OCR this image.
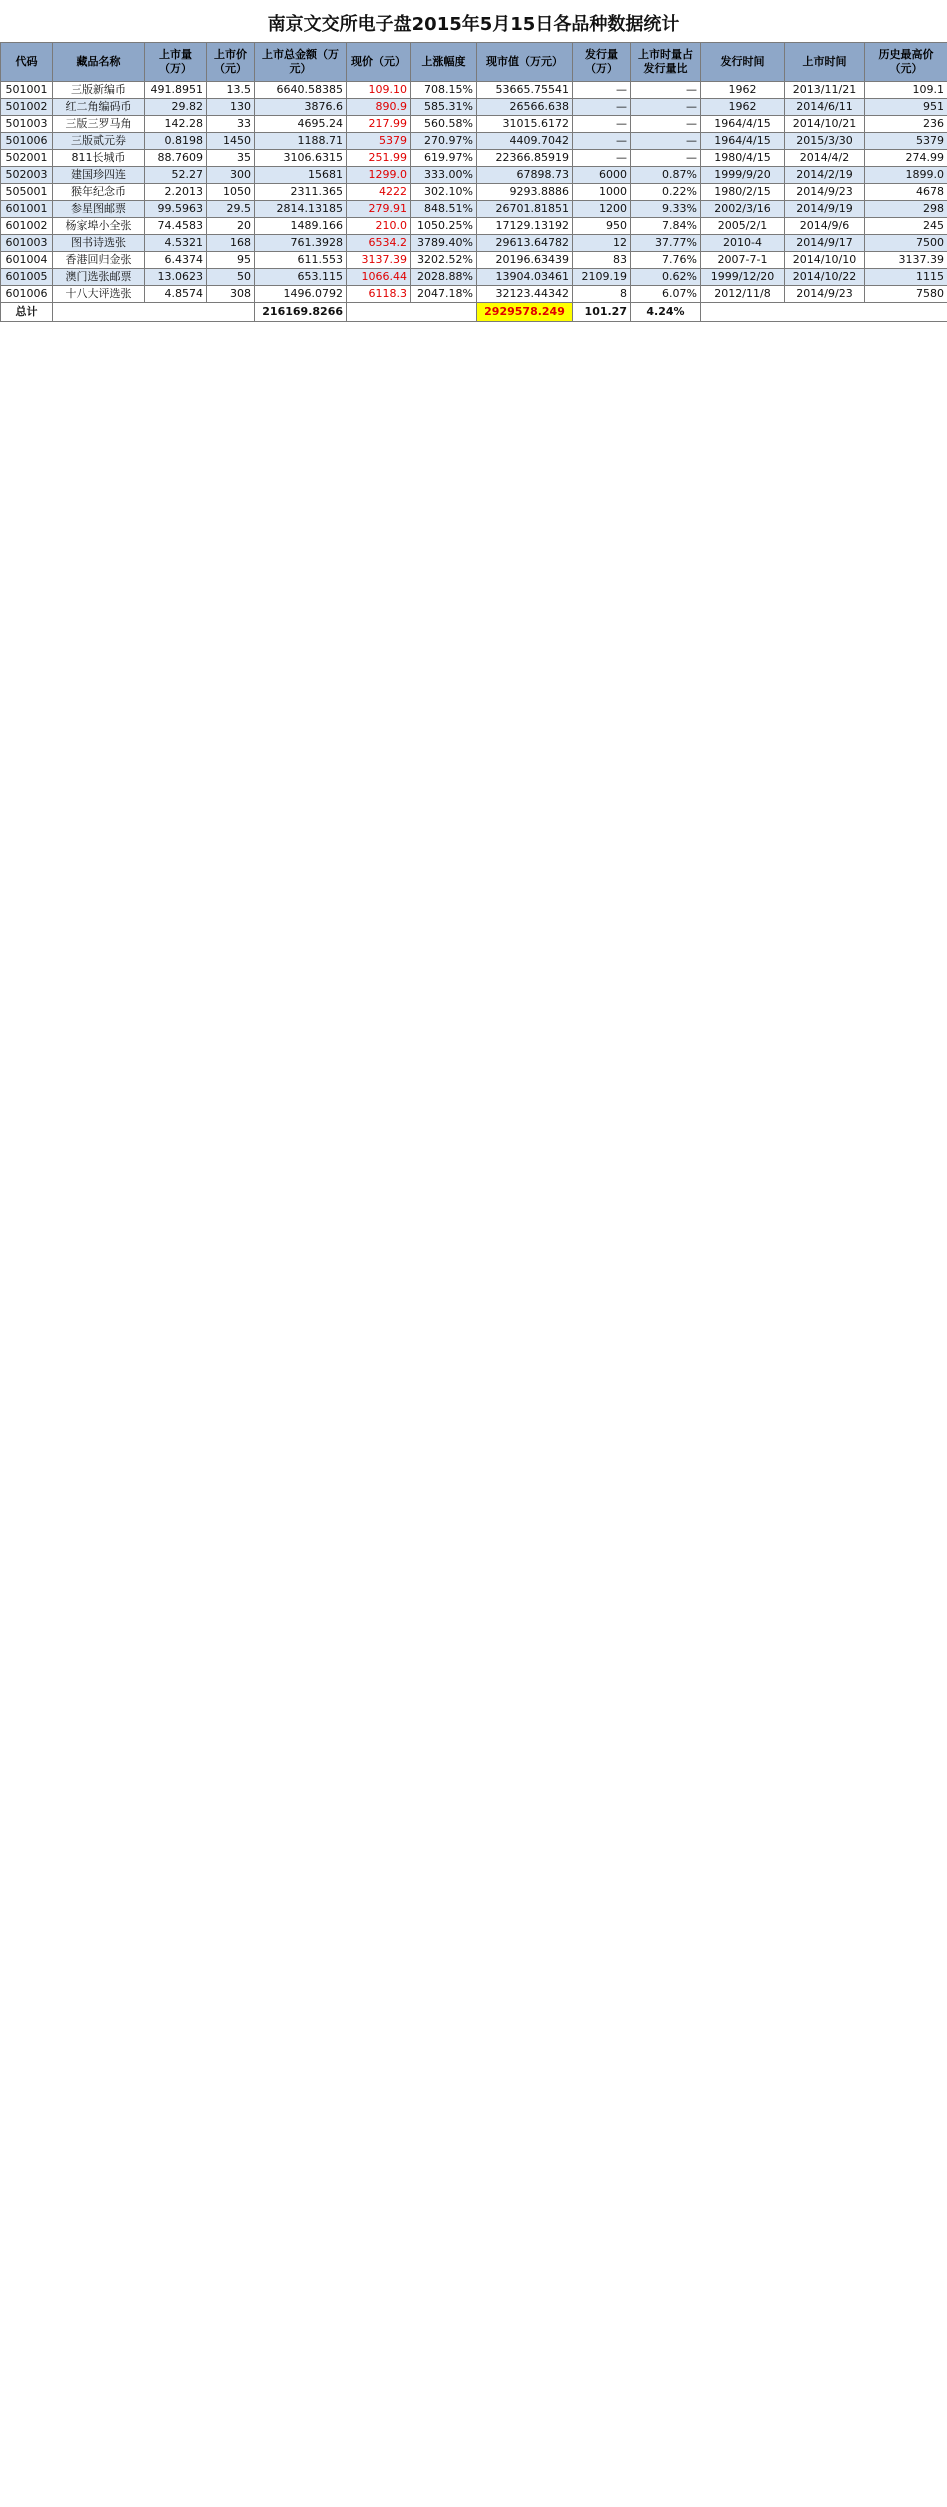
南京文交所电子盘2015年5月15日各品种数据统计
代码	藏品名称	上市量（万）	上市价（元）	上市总金额（万元）	现价（元）	上涨幅度	现市值（万元）	发行量（万）	上市时量占发行量比	发行时间	上市时间	历史最高价（元）
501001	三版新编币	491.8951	13.5	6640.58385	109.10	708.15%	53665.75541	—	—	1962	2013/11/21	109.1
501002	红二角编码币	29.82	130	3876.6	890.9	585.31%	26566.638	—	—	1962	2014/6/11	951
501003	三版三罗马角	142.28	33	4695.24	217.99	560.58%	31015.6172	—	—	1964/4/15	2014/10/21	236
501006	三版贰元券	0.8198	1450	1188.71	5379	270.97%	4409.7042	—	—	1964/4/15	2015/3/30	5379
502001	811长城币	88.7609	35	3106.6315	251.99	619.97%	22366.85919	—	—	1980/4/15	2014/4/2	274.99
502003	建国珍四连	52.27	300	15681	1299.0	333.00%	67898.73	6000	0.87%	1999/9/20	2014/2/19	1899.0
505001	猴年纪念币	2.2013	1050	2311.365	4222	302.10%	9293.8886	1000	0.22%	1980/2/15	2014/9/23	4678
601001	参星图邮票	99.5963	29.5	2814.13185	279.91	848.51%	26701.81851	1200	9.33%	2002/3/16	2014/9/19	298
601002	杨家埠小全张	74.4583	20	1489.166	210.0	1050.25%	17129.13192	950	7.84%	2005/2/1	2014/9/6	245
601003	图书诗选张	4.5321	168	761.3928	6534.2	3789.40%	29613.64782	12	37.77%	2010-4	2014/9/17	7500
601004	香港回归金张	6.4374	95	611.553	3137.39	3202.52%	20196.63439	83	7.76%	2007-7-1	2014/10/10	3137.39
601005	澳门选张邮票	13.0623	50	653.115	1066.44	2028.88%	13904.03461	2109.19	0.62%	1999/12/20	2014/10/22	1115
601006	十八大评选张	4.8574	308	1496.0792	6118.3	2047.18%	32123.44342	8	6.07%	2012/11/8	2014/9/23	7580
总计				216169.8266			2929578.249	101.27	4.24%			
